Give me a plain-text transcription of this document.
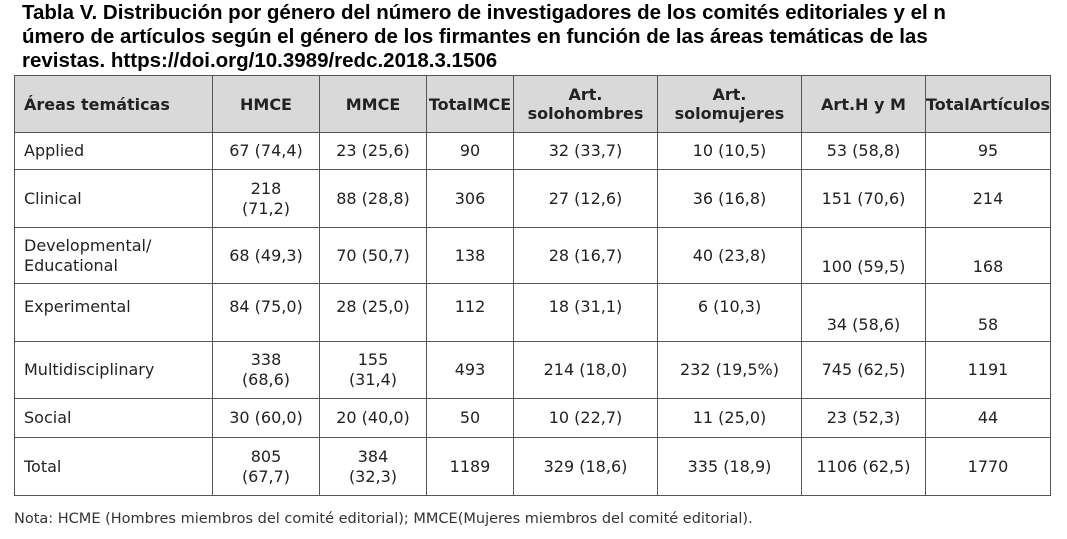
Tabla V. Distribución por género del número de investigadores de los comités editoriales y el n
úmero de artículos según el género de los firmantes en función de las áreas temáticas de las
revistas. https://doi.org/10.3989/redc.2018.3.1506
Áreas temáticas	HMCE	MMCE	TotalMCE	Art. solohombres	Art. solomujeres	Art.H y M	TotalArtículos

Applied	67 (74,4)	23 (25,6)	90	32 (33,7)	10 (10,5)	53 (58,8)	95

Clinical	218
(71,2)	88 (28,8)	306	27 (12,6)	36 (16,8)	151 (70,6)	214

Developmental/
Educational	68 (49,3)	70 (50,7)	138	28 (16,7)	40 (23,8)	100 (59,5)	168

Experimental	84 (75,0)	28 (25,0)	112	18 (31,1)	6 (10,3)	34 (58,6)	58

Multidisciplinary	338
(68,6)	155
(31,4)	493	214 (18,0)	232 (19,5%)	745 (62,5)	1191

Social	30 (60,0)	20 (40,0)	50	10 (22,7)	11 (25,0)	23 (52,3)	44

Total	805
(67,7)	384
(32,3)	1189	329 (18,6)	335 (18,9)	1106 (62,5)	1770
Nota: HCME (Hombres miembros del comité editorial); MMCE(Mujeres miembros del comité editorial).
